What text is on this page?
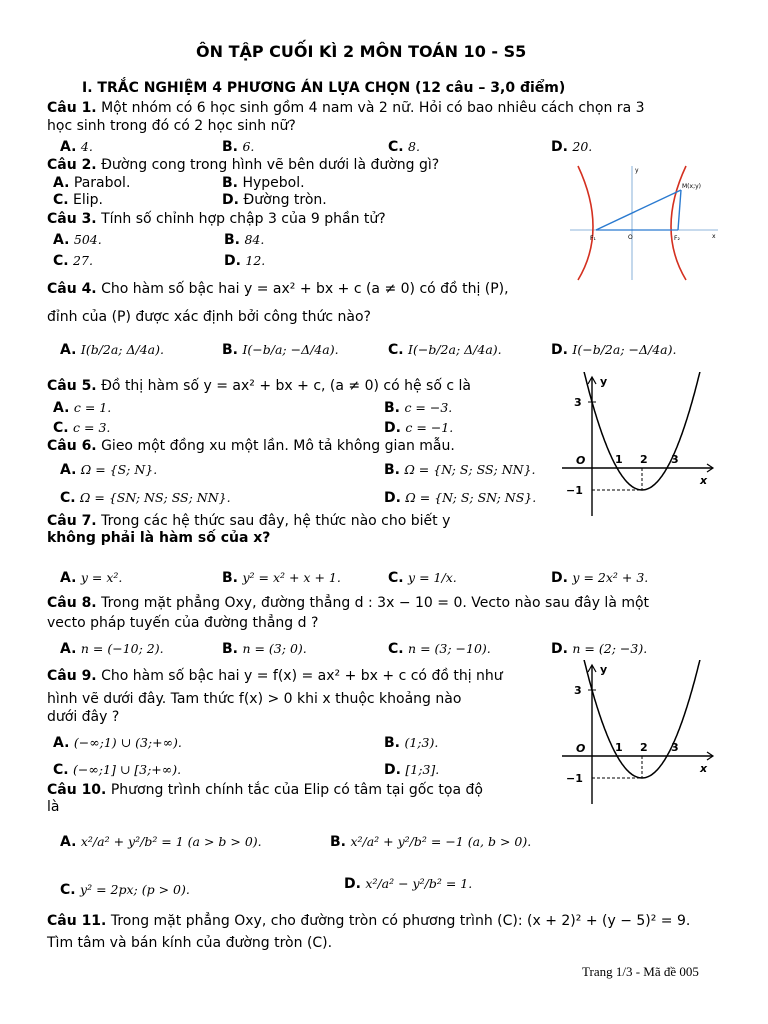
ÔN TẬP CUỐI KÌ 2 MÔN TOÁN 10 - S5
I. TRẮC NGHIỆM 4 PHƯƠNG ÁN LỰA CHỌN (12 câu – 3,0 điểm)
Câu 1. Một nhóm có 6 học sinh gồm 4 nam và 2 nữ. Hỏi có bao nhiêu cách chọn ra 3
học sinh trong đó có 2 học sinh nữ?
A. 4.	B. 6.	C. 8.	D. 20.
Câu 2. Đường cong trong hình vẽ bên dưới là đường gì?
A. Parabol.	B. Hypebol.
C. Elip.	D. Đường tròn.
M(x;y)
F₁	O	F₂
y
x
Câu 3. Tính số chỉnh hợp chập 3 của 9 phần tử?
A. 504.	B. 84.
C. 27.	D. 12.
Câu 4. Cho hàm số bậc hai y = ax² + bx + c (a ≠ 0) có đồ thị (P),
đỉnh của (P) được xác định bởi công thức nào?
A. I(b/2a; Δ/4a).	B. I(−b/a; −Δ/4a).	C. I(−b/2a; Δ/4a).	D. I(−b/2a; −Δ/4a).
Câu 5. Đồ thị hàm số y = ax² + bx + c, (a ≠ 0) có hệ số c là
A. c = 1.	B. c = −3.
C. c = 3.	D. c = −1.
Câu 6. Gieo một đồng xu một lần. Mô tả không gian mẫu.
A. Ω = {S; N}.	B. Ω = {N; S; SS; NN}.
C. Ω = {SN; NS; SS; NN}.	D. Ω = {N; S; SN; NS}.
y
x
O
3
1 2 3
−1
Câu 7. Trong các hệ thức sau đây, hệ thức nào cho biết y
không phải là hàm số của x?
A. y = x².	B. y² = x² + x + 1.	C. y = 1/x.	D. y = 2x² + 3.
Câu 8. Trong mặt phẳng Oxy, đường thẳng d : 3x − 10 = 0. Vecto nào sau đây là một
vecto pháp tuyến của đường thẳng d ?
A. n = (−10; 2).	B. n = (3; 0).	C. n = (3; −10).	D. n = (2; −3).
Câu 9. Cho hàm số bậc hai y = f(x) = ax² + bx + c có đồ thị như
hình vẽ dưới đây. Tam thức f(x) > 0 khi x thuộc khoảng nào
dưới đây ?
A. (−∞;1) ∪ (3;+∞).	B. (1;3).
C. (−∞;1] ∪ [3;+∞).	D. [1;3].
y
x
O
3
1 2 3
−1
Câu 10. Phương trình chính tắc của Elip có tâm tại gốc tọa độ
là
A. x²/a² + y²/b² = 1 (a > b > 0).	B. x²/a² + y²/b² = −1 (a, b > 0).
C. y² = 2px; (p > 0).	D. x²/a² − y²/b² = 1.
Câu 11. Trong mặt phẳng Oxy, cho đường tròn có phương trình (C): (x + 2)² + (y − 5)² = 9.
Tìm tâm và bán kính của đường tròn (C).
Trang 1/3 - Mã đề 005
